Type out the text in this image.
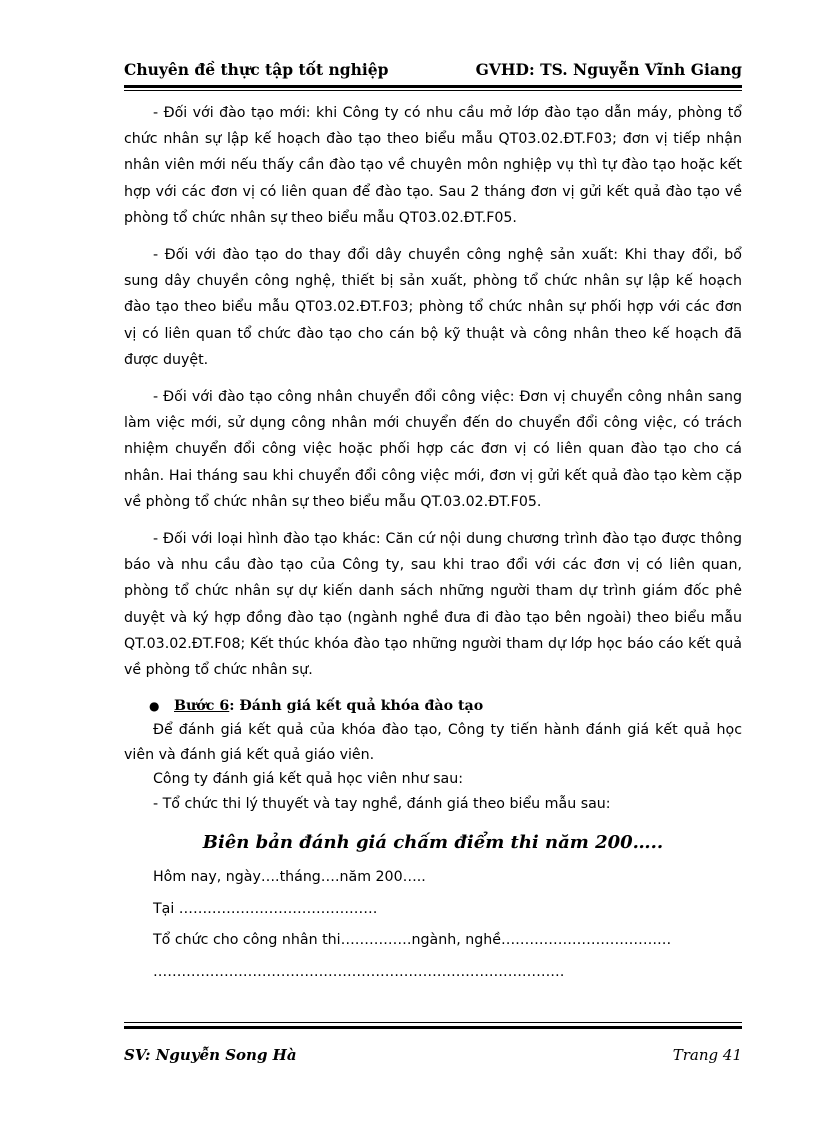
Chuyên đề thực tập tốt nghiệp	GVHD: TS. Nguyễn Vĩnh Giang

- Đối với đào tạo mới: khi Công ty có nhu cầu mở lớp đào tạo dẫn máy, phòng tổ chức nhân sự lập kế hoạch đào tạo theo biểu mẫu QT03.02.ĐT.F03; đơn vị tiếp nhận nhân viên mới nếu thấy cần đào tạo về chuyên môn nghiệp vụ thì tự đào tạo hoặc kết hợp với các đơn vị có liên quan để đào tạo. Sau 2 tháng đơn vị gửi kết quả đào tạo về phòng tổ chức nhân sự theo biểu mẫu QT03.02.ĐT.F05.

- Đối với đào tạo do thay đổi dây chuyền công nghệ sản xuất: Khi thay đổi, bổ sung dây chuyền công nghệ, thiết bị sản xuất, phòng tổ chức nhân sự lập kế hoạch đào tạo theo biểu mẫu QT03.02.ĐT.F03; phòng tổ chức nhân sự phối hợp với các đơn vị có liên quan tổ chức đào tạo cho cán bộ kỹ thuật và công nhân theo kế hoạch đã được duyệt.

- Đối với đào tạo công nhân chuyển đổi công việc: Đơn vị chuyển công nhân sang làm việc mới, sử dụng công nhân mới chuyển đến do chuyển đổi công việc, có trách nhiệm chuyển đổi công việc hoặc phối hợp các đơn vị có liên quan đào tạo cho cá nhân. Hai tháng sau khi chuyển đổi công việc mới, đơn vị gửi kết quả đào tạo kèm cặp về phòng tổ chức nhân sự theo biểu mẫu QT.03.02.ĐT.F05.

- Đối với loại hình đào tạo khác: Căn cứ nội dung chương trình đào tạo được thông báo và nhu cầu đào tạo của Công ty, sau khi trao đổi với các đơn vị có liên quan, phòng tổ chức nhân sự dự kiến danh sách những người tham dự trình giám đốc phê duyệt và ký hợp đồng đào tạo (ngành nghề đưa đi đào tạo bên ngoài) theo biểu mẫu QT.03.02.ĐT.F08; Kết thúc khóa đào tạo những người tham dự lớp học báo cáo kết quả về phòng tổ chức nhân sự.

● Bước 6: Đánh giá kết quả khóa đào tạo

Để đánh giá kết quả của khóa đào tạo, Công ty tiến hành đánh giá kết quả học viên và đánh giá kết quả giáo viên.

Công ty đánh giá kết quả học viên như sau:

- Tổ chức thi lý thuyết và tay nghề, đánh giá theo biểu mẫu sau:

Biên bản đánh giá chấm điểm thi năm 200…..

Hôm nay, ngày….tháng….năm 200…..

Tại ……………………………………

Tổ chức cho công nhân thi……………ngành, nghề………………………………

……………………………………………………………………………

SV: Nguyễn Song Hà	Trang 41
